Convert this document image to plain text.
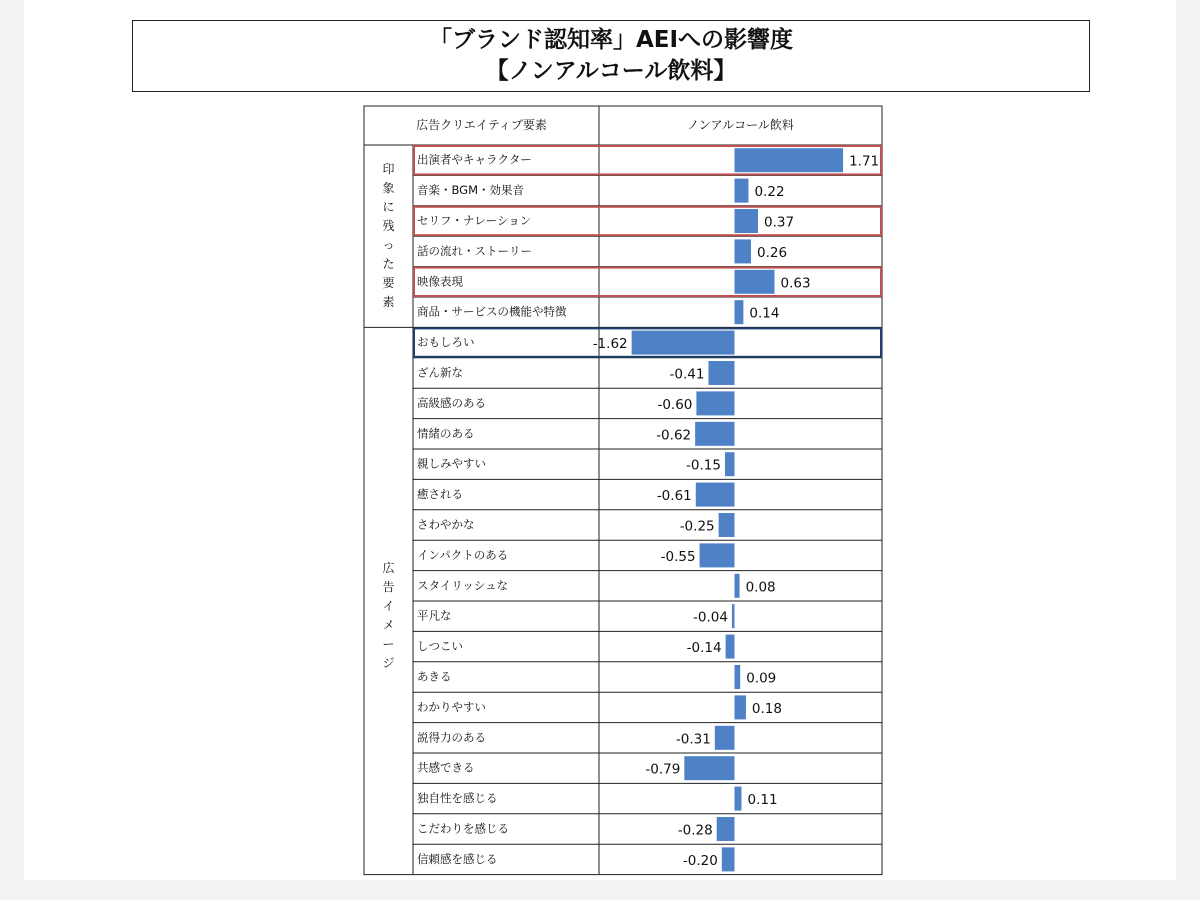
「ブランド認知率」AEIへの影響度
【ノンアルコール飲料】
広告クリエイティブ要素	ノンアルコール飲料
出演者やキャラクター	1.71
音楽・BGM・効果音	0.22
セリフ・ナレーション	0.37
話の流れ・ストーリー	0.26
映像表現	0.63
商品・サービスの機能や特徴	0.14
おもしろい	-1.62
ざん新な	-0.41
高級感のある	-0.60
情緒のある	-0.62
親しみやすい	-0.15
癒される	-0.61
さわやかな	-0.25
インパクトのある	-0.55
スタイリッシュな	0.08
平凡な	-0.04
しつこい	-0.14
あきる	0.09
わかりやすい	0.18
説得力のある	-0.31
共感できる	-0.79
独自性を感じる	0.11
こだわりを感じる	-0.28
信頼感を感じる	-0.20
印象に残った要素
広告イメージ
